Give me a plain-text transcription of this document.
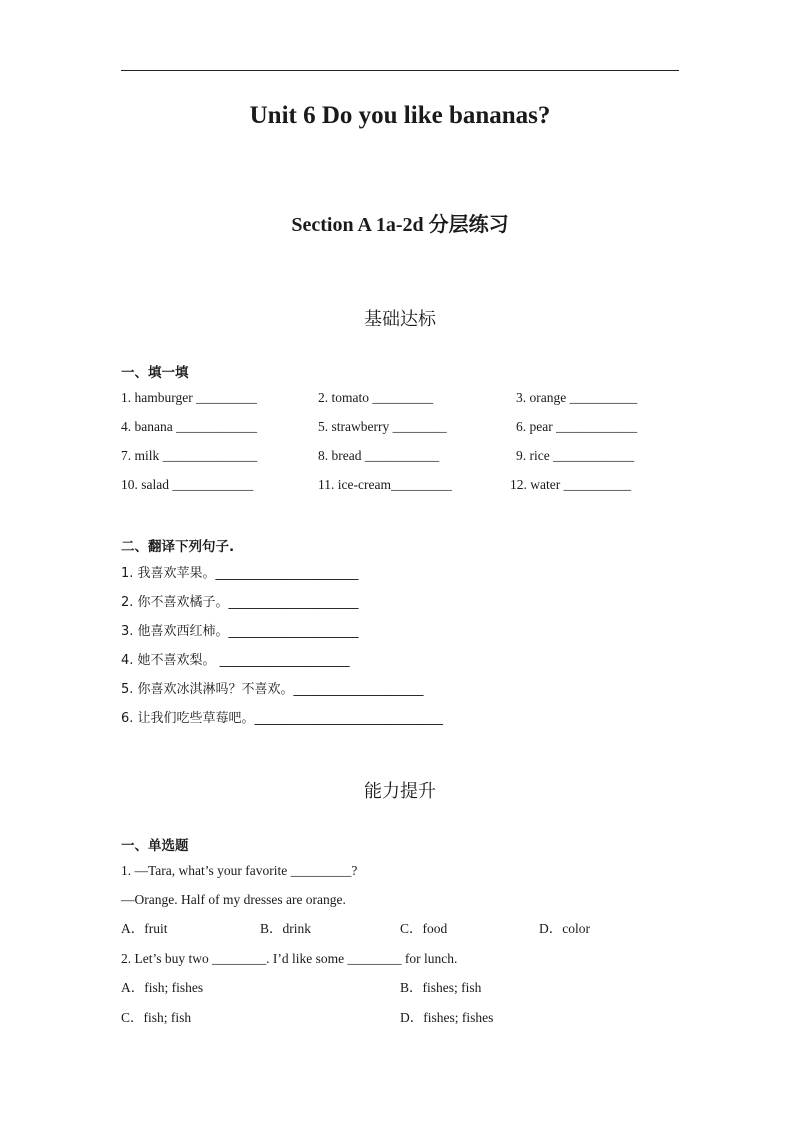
Unit 6 Do you like bananas?
Section A 1a-2d 分层练习
基础达标
一、填一填
1. hamburger _________	2. tomato _________	3. orange __________
4. banana ____________	5. strawberry ________	6. pear ____________
7. milk ______________	8. bread ___________	9. rice ____________
10. salad ____________	11. ice-cream_________	12. water __________
二、翻译下列句子.
1. 我喜欢苹果。______________________
2. 你不喜欢橘子。____________________
3. 他喜欢西红柿。____________________
4. 她不喜欢梨。 ____________________
5. 你喜欢冰淇淋吗？不喜欢。____________________
6. 让我们吃些草莓吧。_____________________________
能力提升
一、单选题
1. —Tara, what’s your favorite _________?
—Orange. Half of my dresses are orange.
A．fruit	B．drink	C．food	D．color
2. Let’s buy two ________. I’d like some ________ for lunch.
A．fish; fishes	B．fishes; fish
C．fish; fish	D．fishes; fishes
